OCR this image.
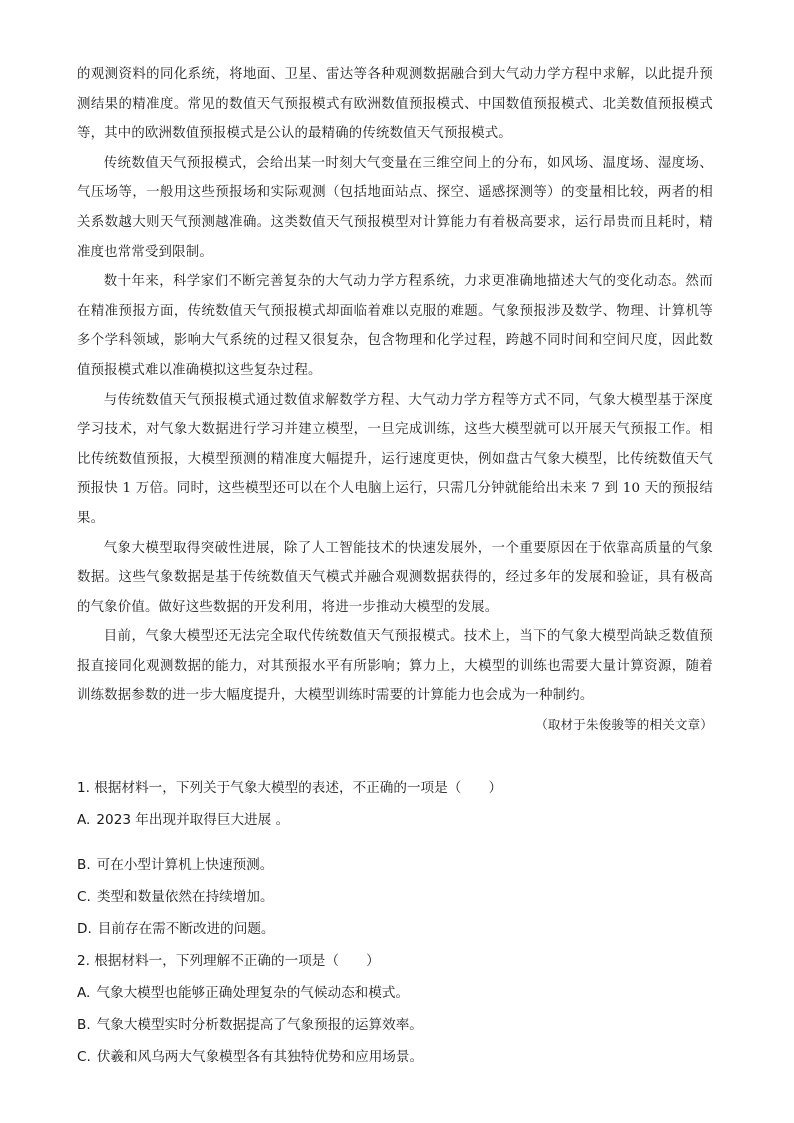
的观测资料的同化系统，将地面、卫星、雷达等各种观测数据融合到大气动力学方程中求解，以此提升预测结果的精准度。常见的数值天气预报模式有欧洲数值预报模式、中国数值预报模式、北美数值预报模式等，其中的欧洲数值预报模式是公认的最精确的传统数值天气预报模式。

传统数值天气预报模式，会给出某一时刻大气变量在三维空间上的分布，如风场、温度场、湿度场、气压场等，一般用这些预报场和实际观测（包括地面站点、探空、遥感探测等）的变量相比较，两者的相关系数越大则天气预测越准确。这类数值天气预报模型对计算能力有着极高要求，运行昂贵而且耗时，精准度也常常受到限制。

数十年来，科学家们不断完善复杂的大气动力学方程系统，力求更准确地描述大气的变化动态。然而在精准预报方面，传统数值天气预报模式却面临着难以克服的难题。气象预报涉及数学、物理、计算机等多个学科领域，影响大气系统的过程又很复杂，包含物理和化学过程，跨越不同时间和空间尺度，因此数值预报模式难以准确模拟这些复杂过程。

与传统数值天气预报模式通过数值求解数学方程、大气动力学方程等方式不同，气象大模型基于深度学习技术，对气象大数据进行学习并建立模型，一旦完成训练，这些大模型就可以开展天气预报工作。相比传统数值预报，大模型预测的精准度大幅提升，运行速度更快，例如盘古气象大模型，比传统数值天气预报快 1 万倍。同时，这些模型还可以在个人电脑上运行，只需几分钟就能给出未来 7 到 10 天的预报结果。

气象大模型取得突破性进展，除了人工智能技术的快速发展外，一个重要原因在于依靠高质量的气象数据。这些气象数据是基于传统数值天气模式并融合观测数据获得的，经过多年的发展和验证，具有极高的气象价值。做好这些数据的开发利用，将进一步推动大模型的发展。

目前，气象大模型还无法完全取代传统数值天气预报模式。技术上，当下的气象大模型尚缺乏数值预报直接同化观测数据的能力，对其预报水平有所影响；算力上，大模型的训练也需要大量计算资源，随着训练数据参数的进一步大幅度提升，大模型训练时需要的计算能力也会成为一种制约。

（取材于朱俊骏等的相关文章）
1. 根据材料一，下列关于气象大模型的表述，不正确的一项是（　　）
A. 2023 年出现并取得巨大进展 。
B. 可在小型计算机上快速预测。
C. 类型和数量依然在持续增加。
D. 目前存在需不断改进的问题。
2. 根据材料一，下列理解不正确的一项是（　　）
A. 气象大模型也能够正确处理复杂的气候动态和模式。
B. 气象大模型实时分析数据提高了气象预报的运算效率。
C. 伏羲和风乌两大气象模型各有其独特优势和应用场景。
